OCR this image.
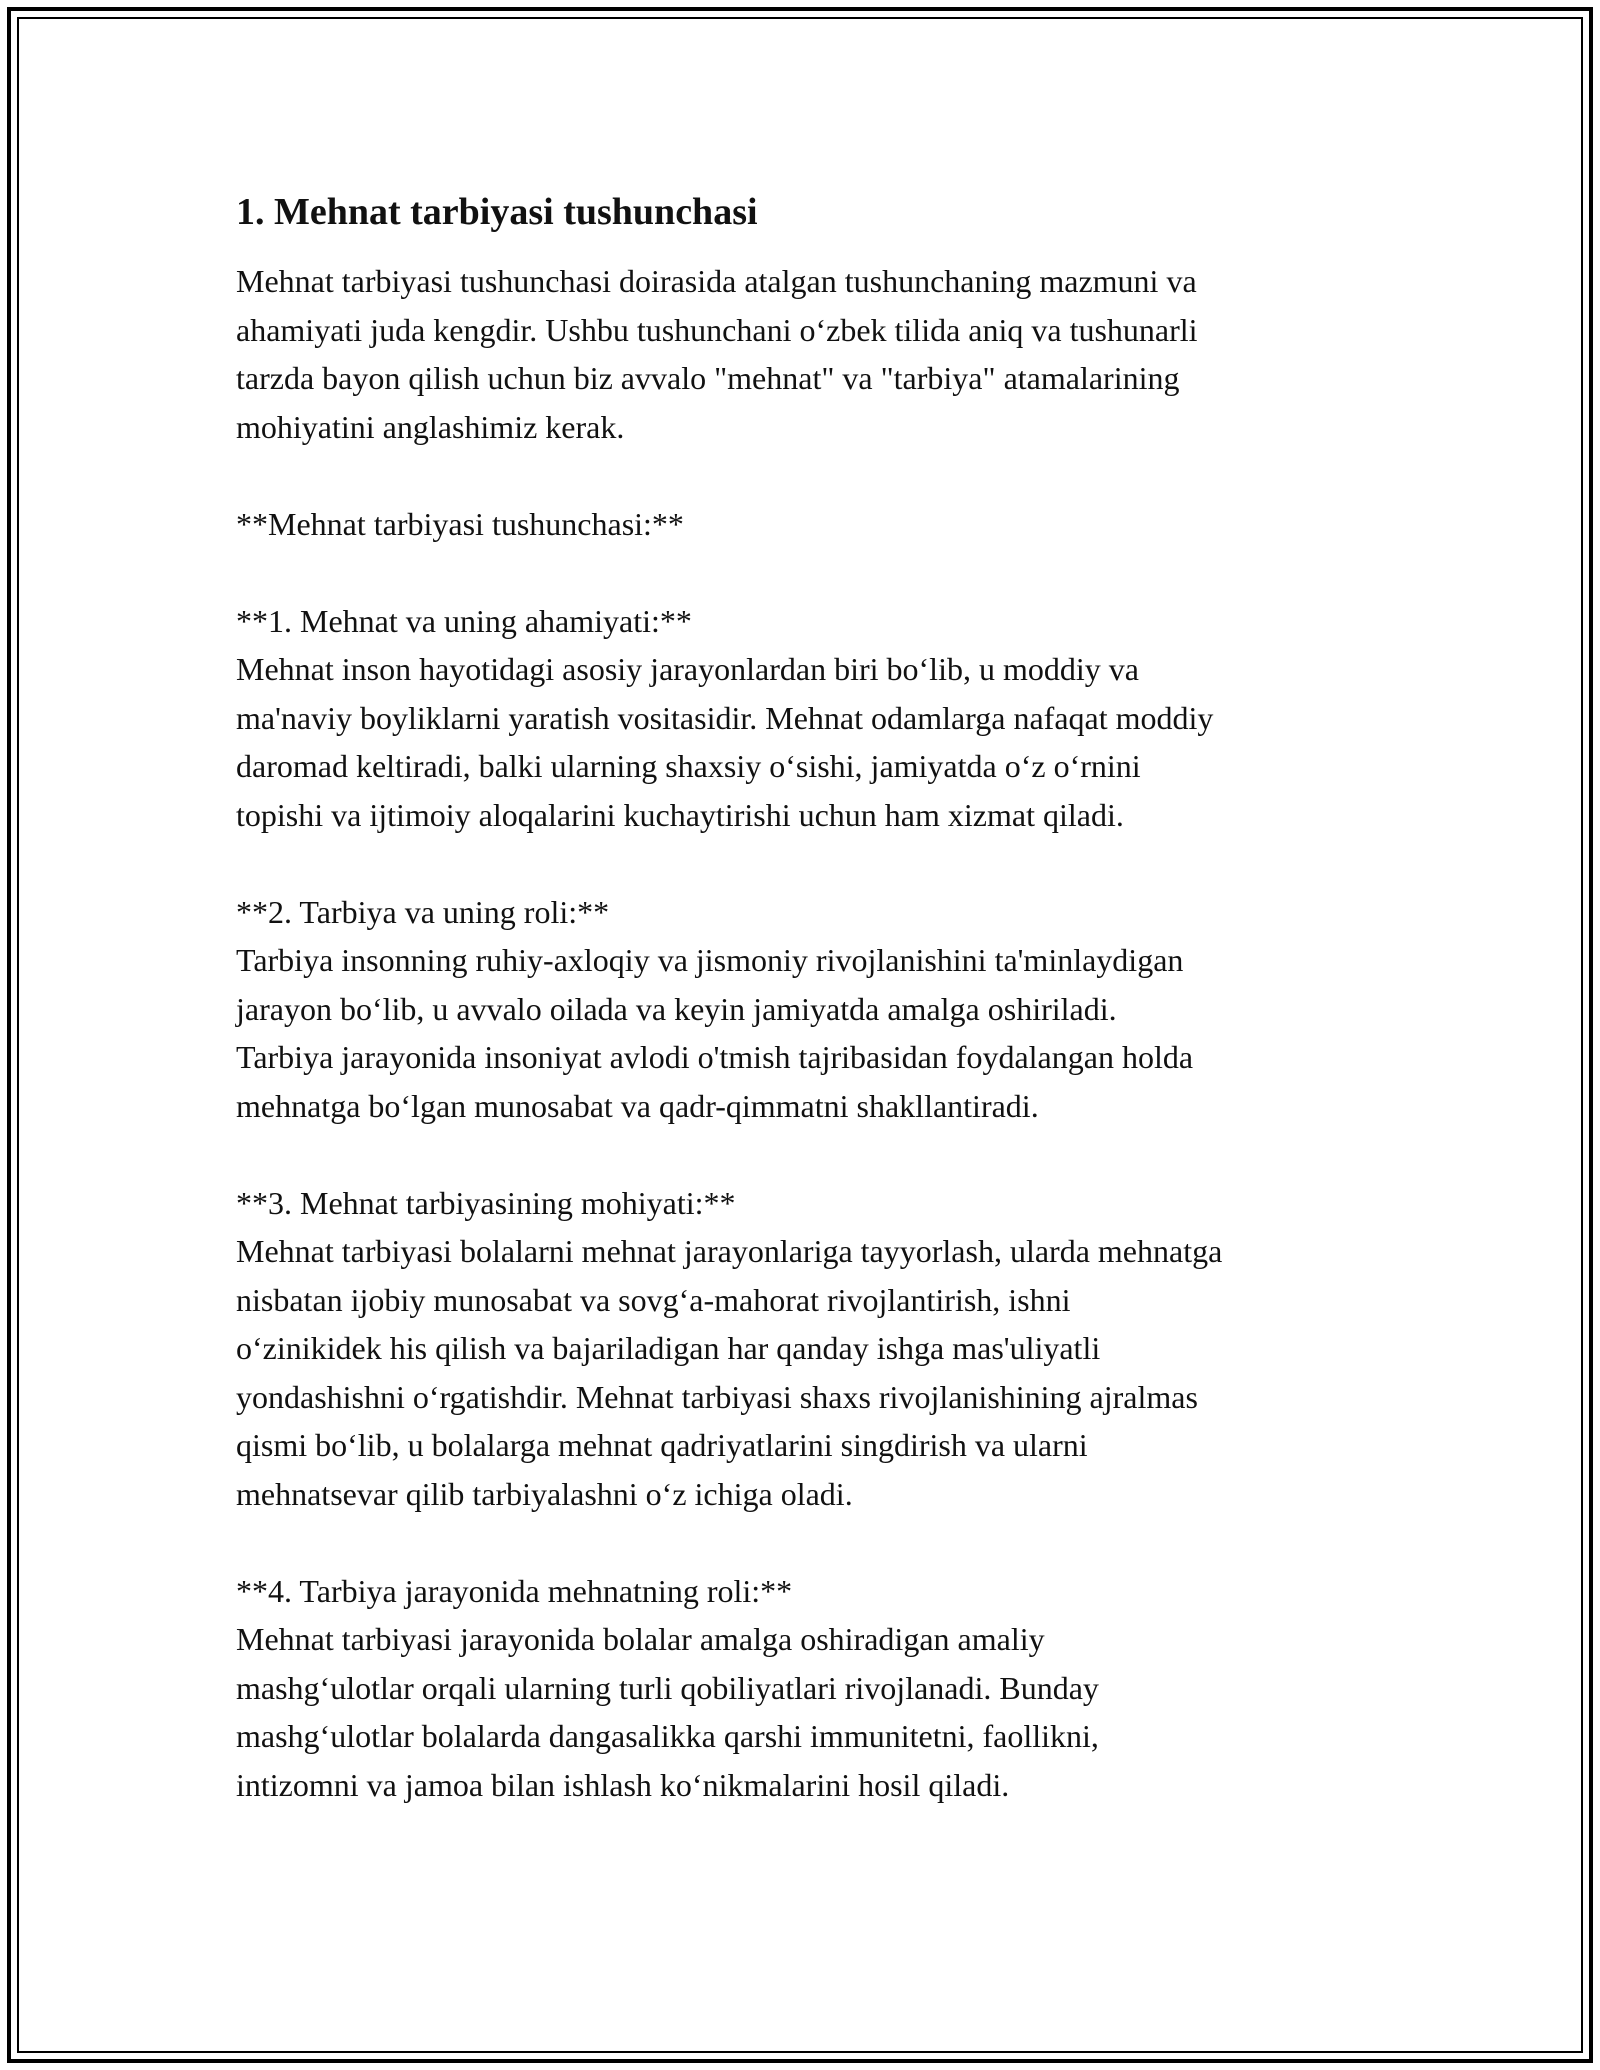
1. Mehnat tarbiyasi tushunchasi

Mehnat tarbiyasi tushunchasi doirasida atalgan tushunchaning mazmuni va
ahamiyati juda kengdir. Ushbu tushunchani o‘zbek tilida aniq va tushunarli
tarzda bayon qilish uchun biz avvalo "mehnat" va "tarbiya" atamalarining
mohiyatini anglashimiz kerak.

**Mehnat tarbiyasi tushunchasi:**

**1. Mehnat va uning ahamiyati:**

Mehnat inson hayotidagi asosiy jarayonlardan biri bo‘lib, u moddiy va
ma'naviy boyliklarni yaratish vositasidir. Mehnat odamlarga nafaqat moddiy
daromad keltiradi, balki ularning shaxsiy o‘sishi, jamiyatda o‘z o‘rnini
topishi va ijtimoiy aloqalarini kuchaytirishi uchun ham xizmat qiladi.

**2. Tarbiya va uning roli:**

Tarbiya insonning ruhiy-axloqiy va jismoniy rivojlanishini ta'minlaydigan
jarayon bo‘lib, u avvalo oilada va keyin jamiyatda amalga oshiriladi.
Tarbiya jarayonida insoniyat avlodi o'tmish tajribasidan foydalangan holda
mehnatga bo‘lgan munosabat va qadr-qimmatni shakllantiradi.

**3. Mehnat tarbiyasining mohiyati:**

Mehnat tarbiyasi bolalarni mehnat jarayonlariga tayyorlash, ularda mehnatga
nisbatan ijobiy munosabat va sovg‘a-mahorat rivojlantirish, ishni
o‘zinikidek his qilish va bajariladigan har qanday ishga mas'uliyatli
yondashishni o‘rgatishdir. Mehnat tarbiyasi shaxs rivojlanishining ajralmas
qismi bo‘lib, u bolalarga mehnat qadriyatlarini singdirish va ularni
mehnatsevar qilib tarbiyalashni o‘z ichiga oladi.

**4. Tarbiya jarayonida mehnatning roli:**

Mehnat tarbiyasi jarayonida bolalar amalga oshiradigan amaliy
mashg‘ulotlar orqali ularning turli qobiliyatlari rivojlanadi. Bunday
mashg‘ulotlar bolalarda dangasalikka qarshi immunitetni, faollikni,
intizomni va jamoa bilan ishlash ko‘nikmalarini hosil qiladi.
